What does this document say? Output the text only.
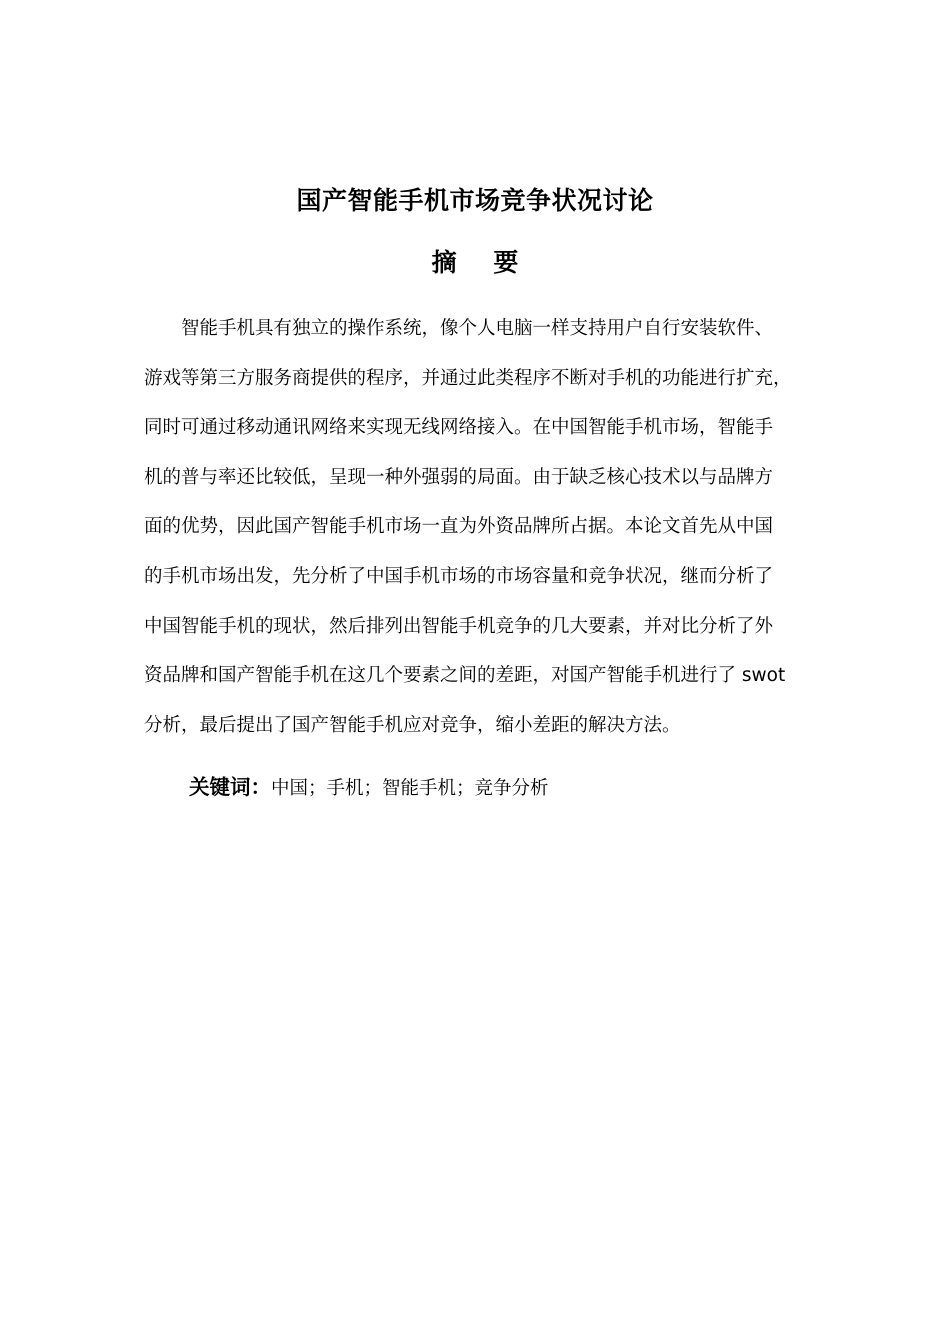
国产智能手机市场竞争状况讨论
摘 要

智能手机具有独立的操作系统，像个人电脑一样支持用户自行安装软件、
游戏等第三方服务商提供的程序，并通过此类程序不断对手机的功能进行扩充，
同时可通过移动通讯网络来实现无线网络接入。在中国智能手机市场，智能手
机的普与率还比较低，呈现一种外强弱的局面。由于缺乏核心技术以与品牌方
面的优势，因此国产智能手机市场一直为外资品牌所占据。本论文首先从中国
的手机市场出发，先分析了中国手机市场的市场容量和竞争状况，继而分析了
中国智能手机的现状，然后排列出智能手机竞争的几大要素，并对比分析了外
资品牌和国产智能手机在这几个要素之间的差距，对国产智能手机进行了 swot
分析，最后提出了国产智能手机应对竞争，缩小差距的解决方法。

关键词：中国；手机；智能手机；竞争分析
